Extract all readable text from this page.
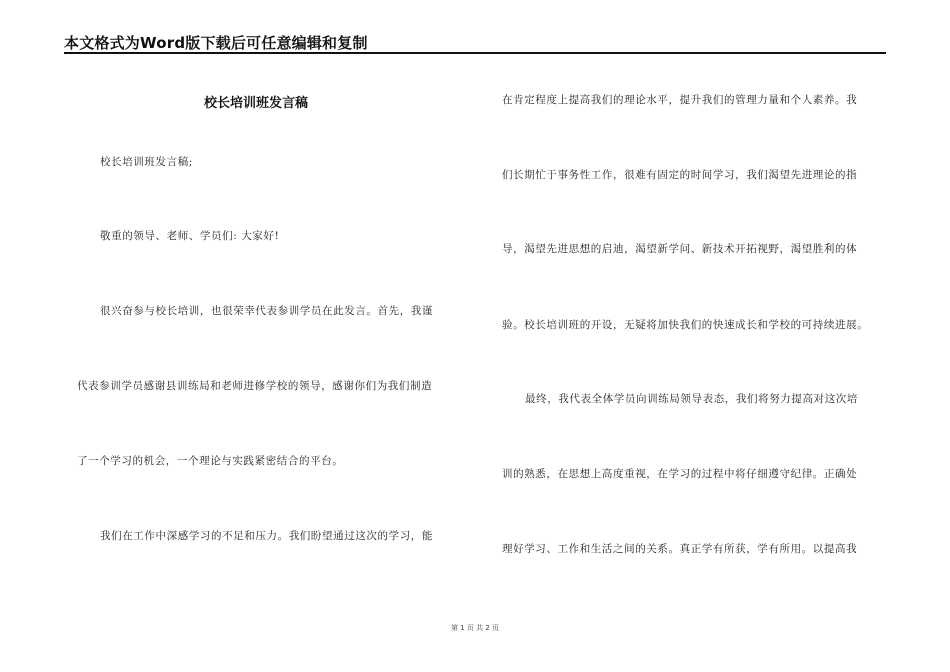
本文格式为Word版下载后可任意编辑和复制
校长培训班发言稿
校长培训班发言稿;
敬重的领导、老师、学员们: 大家好!
很兴奋参与校长培训，也很荣幸代表参训学员在此发言。首先，我谨
代表参训学员感谢县训练局和老师进修学校的领导，感谢你们为我们制造
了一个学习的机会，一个理论与实践紧密结合的平台。
我们在工作中深感学习的不足和压力。我们盼望通过这次的学习，能
在肯定程度上提高我们的理论水平，提升我们的管理力量和个人素养。我
们长期忙于事务性工作，很难有固定的时间学习，我们渴望先进理论的指
导，渴望先进思想的启迪，渴望新学问、新技术开拓视野，渴望胜利的体
验。校长培训班的开设，无疑将加快我们的快速成长和学校的可持续进展。
最终，我代表全体学员向训练局领导表态，我们将努力提高对这次培
训的熟悉，在思想上高度重视，在学习的过程中将仔细遵守纪律。正确处
理好学习、工作和生活之间的关系。真正学有所获，学有所用。以提高我
第 1 页 共 2 页
